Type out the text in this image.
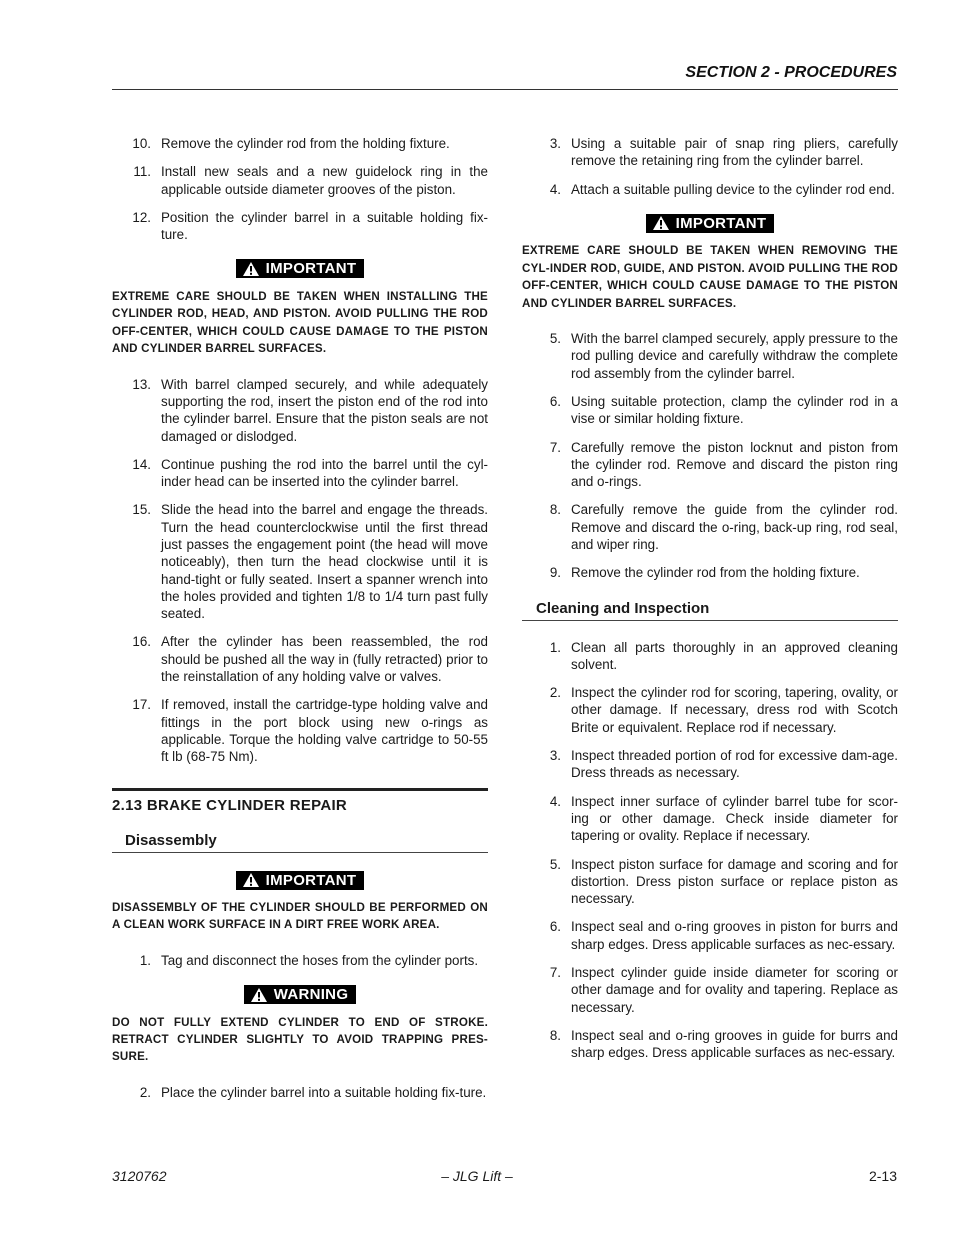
SECTION 2 - PROCEDURES
10. Remove the cylinder rod from the holding fixture.
11. Install new seals and a new guidelock ring in the applicable outside diameter grooves of the piston.
12. Position the cylinder barrel in a suitable holding fix-ture.
IMPORTANT
EXTREME CARE SHOULD BE TAKEN WHEN INSTALLING THE CYLINDER ROD, HEAD, AND PISTON. AVOID PULLING THE ROD OFF-CENTER, WHICH COULD CAUSE DAMAGE TO THE PISTON AND CYLINDER BARREL SURFACES.
13. With barrel clamped securely, and while adequately supporting the rod, insert the piston end of the rod into the cylinder barrel. Ensure that the piston seals are not damaged or dislodged.
14. Continue pushing the rod into the barrel until the cyl-inder head can be inserted into the cylinder barrel.
15. Slide the head into the barrel and engage the threads. Turn the head counterclockwise until the first thread just passes the engagement point (the head will move noticeably), then turn the head clockwise until it is hand-tight or fully seated. Insert a spanner wrench into the holes provided and tighten 1/8 to 1/4 turn past fully seated.
16. After the cylinder has been reassembled, the rod should be pushed all the way in (fully retracted) prior to the reinstallation of any holding valve or valves.
17. If removed, install the cartridge-type holding valve and fittings in the port block using new o-rings as applicable. Torque the holding valve cartridge to 50-55 ft lb (68-75 Nm).
2.13 BRAKE CYLINDER REPAIR
Disassembly
IMPORTANT
DISASSEMBLY OF THE CYLINDER SHOULD BE PERFORMED ON A CLEAN WORK SURFACE IN A DIRT FREE WORK AREA.
1. Tag and disconnect the hoses from the cylinder ports.
WARNING
DO NOT FULLY EXTEND CYLINDER TO END OF STROKE. RETRACT CYLINDER SLIGHTLY TO AVOID TRAPPING PRES-SURE.
2. Place the cylinder barrel into a suitable holding fix-ture.
3. Using a suitable pair of snap ring pliers, carefully remove the retaining ring from the cylinder barrel.
4. Attach a suitable pulling device to the cylinder rod end.
IMPORTANT
EXTREME CARE SHOULD BE TAKEN WHEN REMOVING THE CYL-INDER ROD, GUIDE, AND PISTON. AVOID PULLING THE ROD OFF-CENTER, WHICH COULD CAUSE DAMAGE TO THE PISTON AND CYLINDER BARREL SURFACES.
5. With the barrel clamped securely, apply pressure to the rod pulling device and carefully withdraw the complete rod assembly from the cylinder barrel.
6. Using suitable protection, clamp the cylinder rod in a vise or similar holding fixture.
7. Carefully remove the piston locknut and piston from the cylinder rod. Remove and discard the piston ring and o-rings.
8. Carefully remove the guide from the cylinder rod. Remove and discard the o-ring, back-up ring, rod seal, and wiper ring.
9. Remove the cylinder rod from the holding fixture.
Cleaning and Inspection
1. Clean all parts thoroughly in an approved cleaning solvent.
2. Inspect the cylinder rod for scoring, tapering, ovality, or other damage. If necessary, dress rod with Scotch Brite or equivalent. Replace rod if necessary.
3. Inspect threaded portion of rod for excessive dam-age. Dress threads as necessary.
4. Inspect inner surface of cylinder barrel tube for scor-ing or other damage. Check inside diameter for tapering or ovality. Replace if necessary.
5. Inspect piston surface for damage and scoring and for distortion. Dress piston surface or replace piston as necessary.
6. Inspect seal and o-ring grooves in piston for burrs and sharp edges. Dress applicable surfaces as nec-essary.
7. Inspect cylinder guide inside diameter for scoring or other damage and for ovality and tapering. Replace as necessary.
8. Inspect seal and o-ring grooves in guide for burrs and sharp edges. Dress applicable surfaces as nec-essary.
3120762	– JLG Lift –	2-13
